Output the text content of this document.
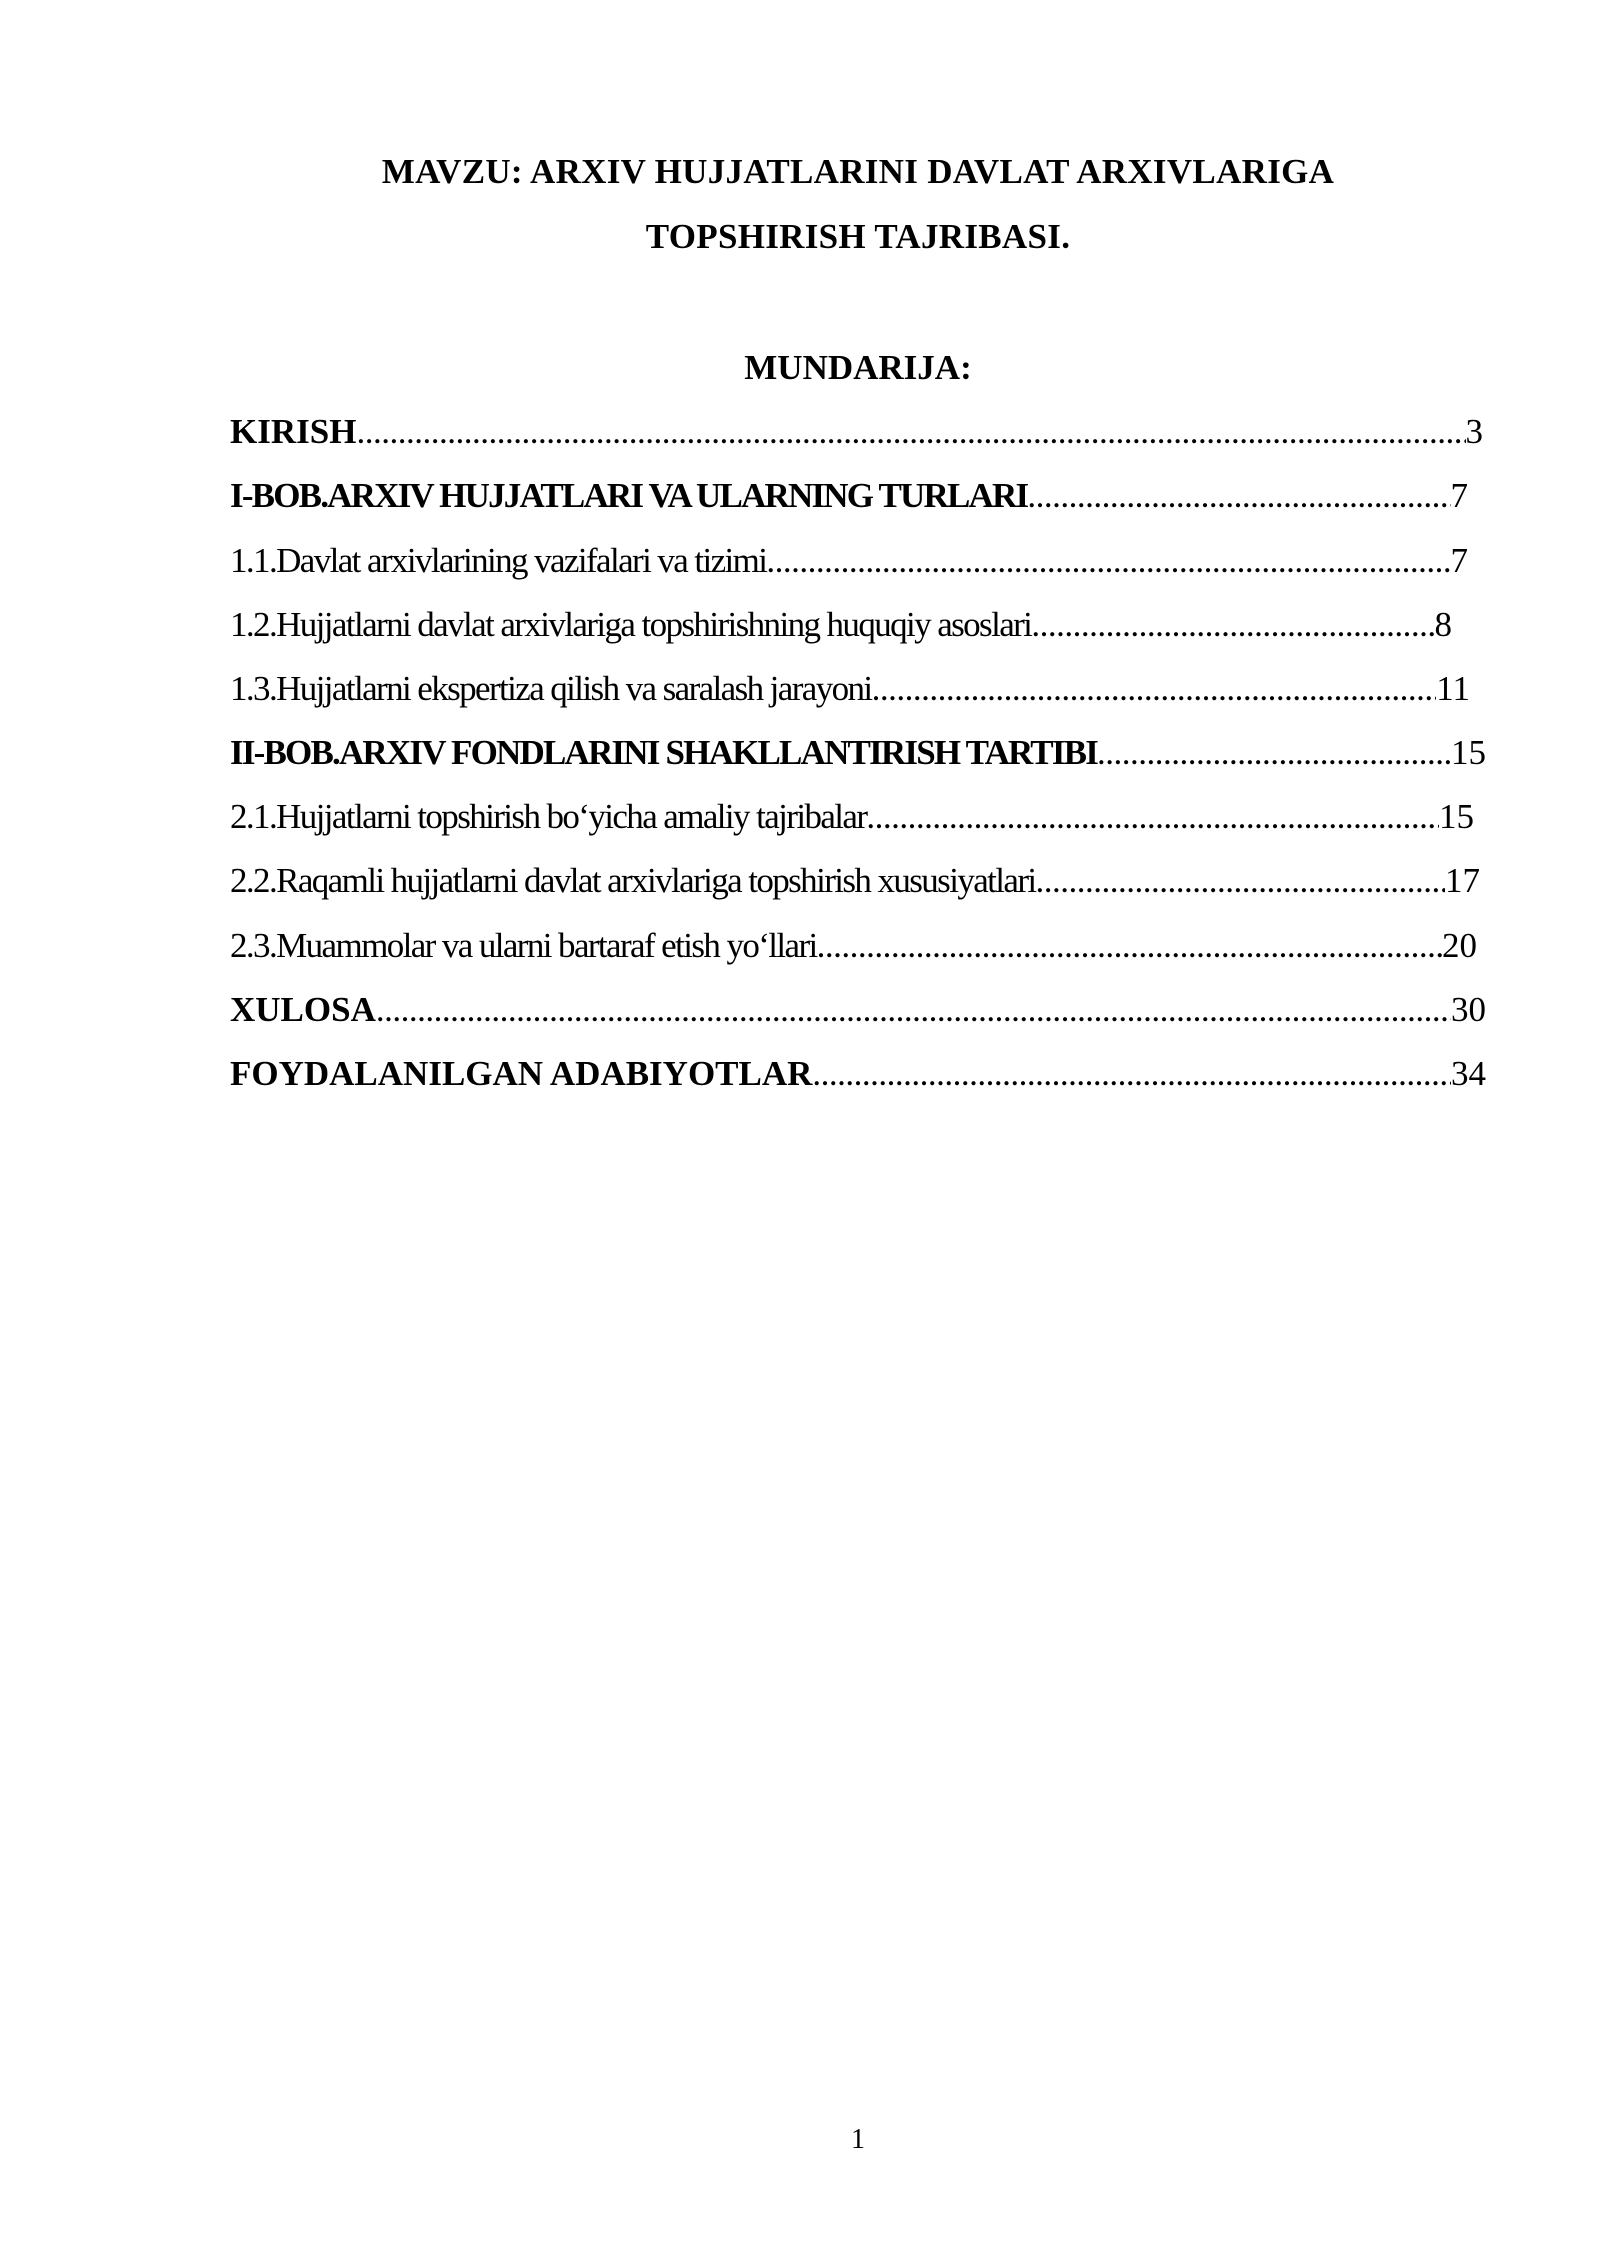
MAVZU: ARXIV HUJJATLARINI DAVLAT ARXIVLARIGA
TOPSHIRISH TAJRIBASI.
MUNDARIJA:
KIRISH .....	3
I-BOB.ARXIV HUJJATLARI VA ULARNING TURLARI .....	7
1.1.Davlat arxivlarining vazifalari va tizimi .....	7
1.2.Hujjatlarni davlat arxivlariga topshirishning huquqiy asoslari .....	8
1.3.Hujjatlarni ekspertiza qilish va saralash jarayoni .....	11
II-BOB.ARXIV FONDLARINI SHAKLLANTIRISH TARTIBI .....	15
2.1.Hujjatlarni topshirish bo‘yicha amaliy tajribalar .....	15
2.2.Raqamli hujjatlarni davlat arxivlariga topshirish xususiyatlari .....	17
2.3.Muammolar va ularni bartaraf etish yo‘llari .....	20
XULOSA .....	30
FOYDALANILGAN ADABIYOTLAR .....	34
1
